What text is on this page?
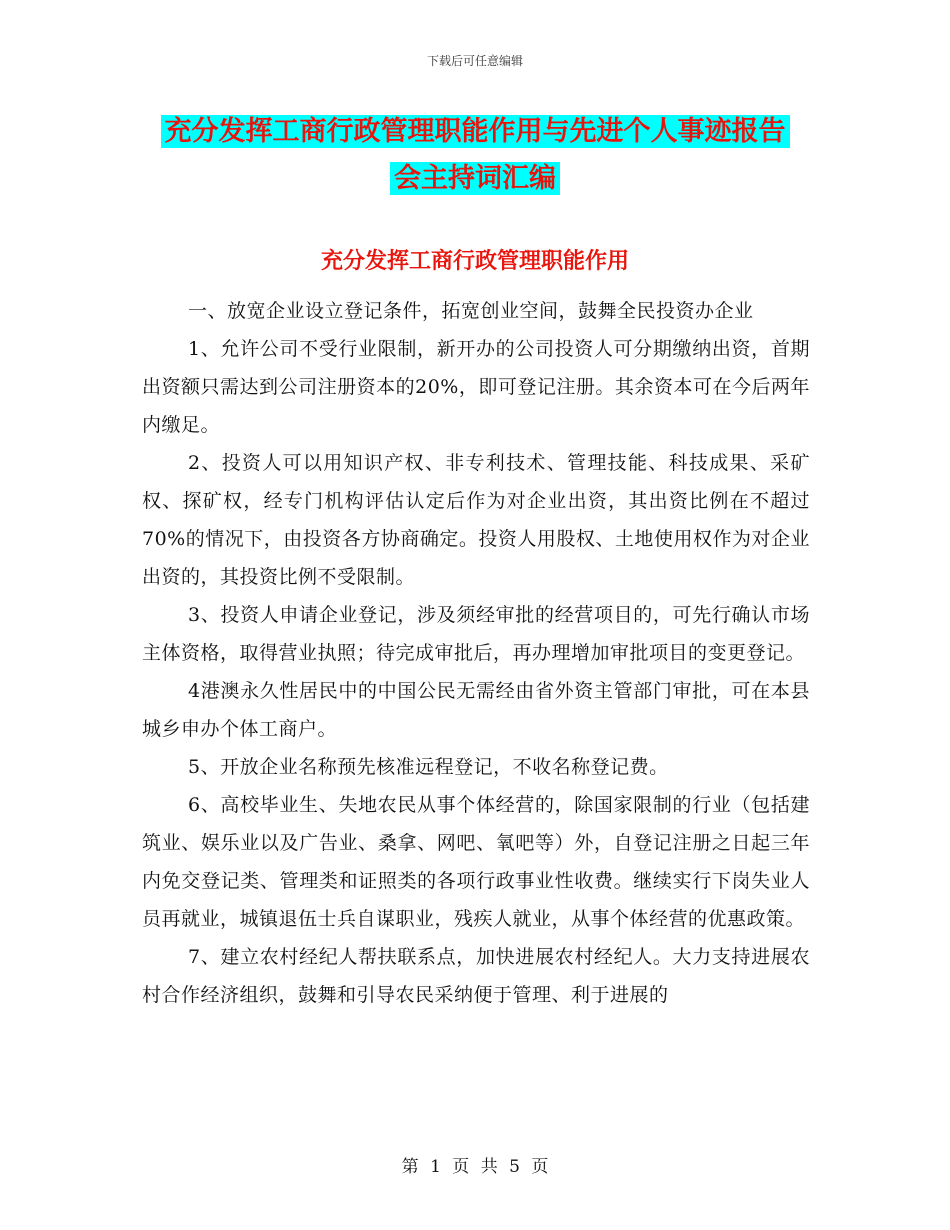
下载后可任意编辑
充分发挥工商行政管理职能作用与先进个人事迹报告
会主持词汇编
充分发挥工商行政管理职能作用

一、放宽企业设立登记条件，拓宽创业空间，鼓舞全民投资办企业

1、允许公司不受行业限制，新开办的公司投资人可分期缴纳出资，首期出资额只需达到公司注册资本的20%，即可登记注册。其余资本可在今后两年内缴足。

2、投资人可以用知识产权、非专利技术、管理技能、科技成果、采矿权、探矿权，经专门机构评估认定后作为对企业出资，其出资比例在不超过70%的情况下，由投资各方协商确定。投资人用股权、土地使用权作为对企业出资的，其投资比例不受限制。

3、投资人申请企业登记，涉及须经审批的经营项目的，可先行确认市场主体资格，取得营业执照；待完成审批后，再办理增加审批项目的变更登记。

4港澳永久性居民中的中国公民无需经由省外资主管部门审批，可在本县城乡申办个体工商户。

5、开放企业名称预先核准远程登记，不收名称登记费。

6、高校毕业生、失地农民从事个体经营的，除国家限制的行业（包括建筑业、娱乐业以及广告业、桑拿、网吧、氧吧等）外，自登记注册之日起三年内免交登记类、管理类和证照类的各项行政事业性收费。继续实行下岗失业人员再就业，城镇退伍士兵自谋职业，残疾人就业，从事个体经营的优惠政策。

7、建立农村经纪人帮扶联系点，加快进展农村经纪人。大力支持进展农村合作经济组织，鼓舞和引导农民采纳便于管理、利于进展的

第 1 页 共 5 页
